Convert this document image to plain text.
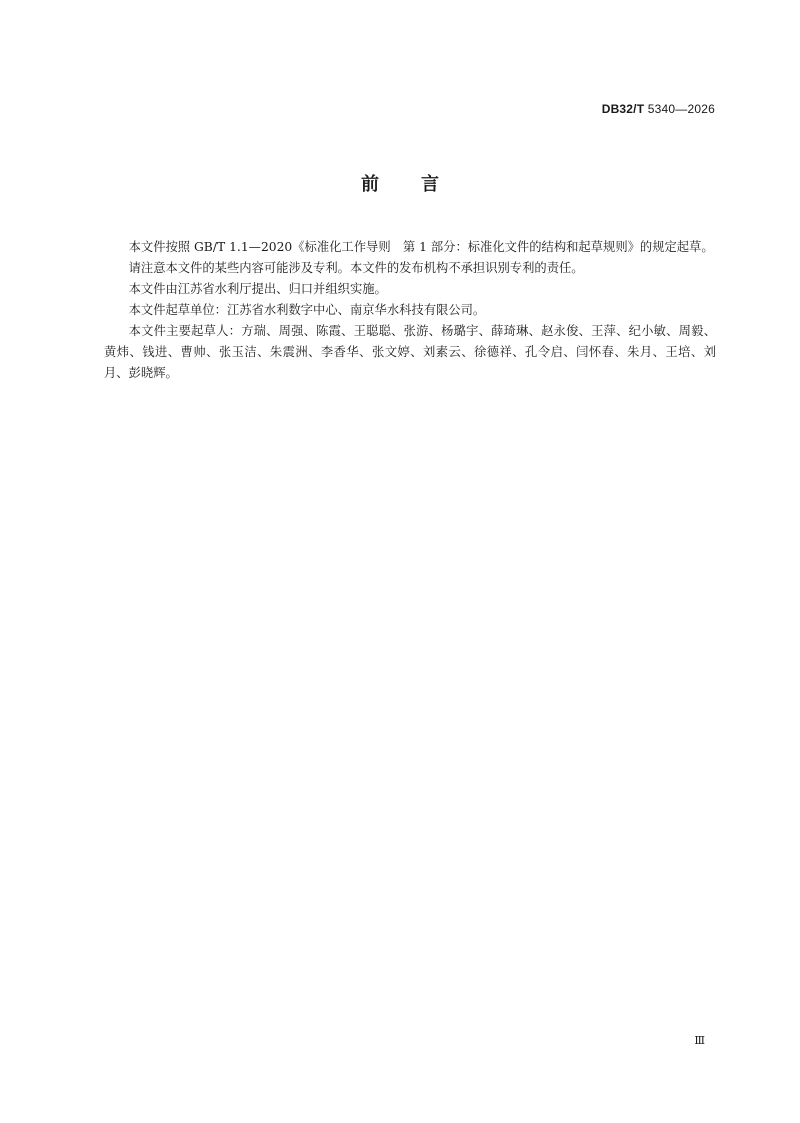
DB32/T 5340—2026
前 言

本文件按照 GB/T 1.1—2020《标准化工作导则　第 1 部分：标准化文件的结构和起草规则》的规定起草。

请注意本文件的某些内容可能涉及专利。本文件的发布机构不承担识别专利的责任。

本文件由江苏省水利厅提出、归口并组织实施。

本文件起草单位：江苏省水利数字中心、南京华水科技有限公司。

本文件主要起草人：方瑞、周强、陈霞、王聪聪、张游、杨璐宇、薛琦琳、赵永俊、王萍、纪小敏、周毅、黄炜、钱进、曹帅、张玉洁、朱震洲、李香华、张文婷、刘素云、徐德祥、孔令启、闫怀春、朱月、王培、刘月、彭晓辉。

Ⅲ
